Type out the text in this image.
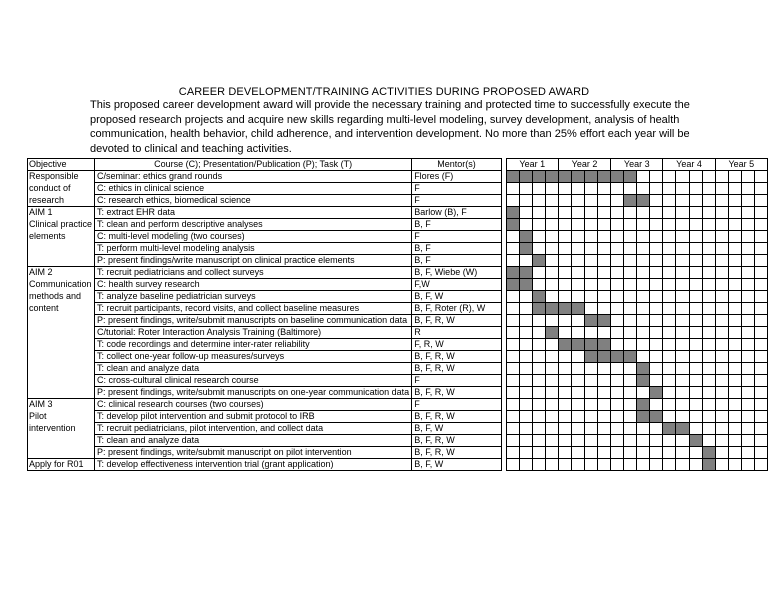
CAREER DEVELOPMENT/TRAINING ACTIVITIES DURING PROPOSED AWARD
This proposed career development award will provide the necessary training and protected time to successfully execute the proposed research projects and acquire new skills regarding multi-level modeling, survey development, analysis of health communication, health behavior, child adherence, and intervention development. No more than 25% effort each year will be devoted to clinical and teaching activities.
Objective	Course (C); Presentation/Publication (P); Task (T)	Mentor(s)		Year 1				Year 2				Year 3				Year 4				Year 5			
Responsible	C/seminar: ethics grand rounds	Flores (F)																					
conduct of	C: ethics in clinical science	F																					
research	C: research ethics, biomedical science	F																					
AIM 1	T: extract EHR data	Barlow (B), F																					
Clinical practice	T: clean and perform descriptive analyses	B, F																					
elements	C: multi-level modeling (two courses)	F																					
	T: perform multi-level modeling analysis	B, F																					
	P: present findings/write manuscript on clinical practice elements	B, F																					
AIM 2	T: recruit pediatricians and collect surveys	B, F, Wiebe (W)																					
Communication	C: health survey research	F,W																					
methods and	T: analyze baseline pediatrician surveys	B, F, W																					
content	T: recruit participants, record visits, and collect baseline measures	B, F, Roter (R), W																					
	P: present findings, write/submit manuscripts on baseline communication data	B, F, R, W																					
	C/tutorial: Roter Interaction Analysis Training (Baltimore)	R																					
	T: code recordings and determine inter-rater reliability	F, R, W																					
	T: collect one-year follow-up measures/surveys	B, F, R, W																					
	T: clean and analyze data	B, F, R, W																					
	C: cross-cultural clinical research course	F																					
	P: present findings, write/submit manuscripts on one-year communication data	B, F, R, W																					
AIM 3	C: clinical research courses (two courses)	F																					
Pilot	T: develop pilot intervention and submit protocol to IRB	B, F, R, W																					
intervention	T: recruit pediatricians, pilot intervention, and collect data	B, F, W																					
	T: clean and analyze data	B, F, R, W																					
	P: present findings, write/submit manuscript on pilot intervention	B, F, R, W																					
Apply for R01	T: develop effectiveness intervention trial (grant application)	B, F, W																					
